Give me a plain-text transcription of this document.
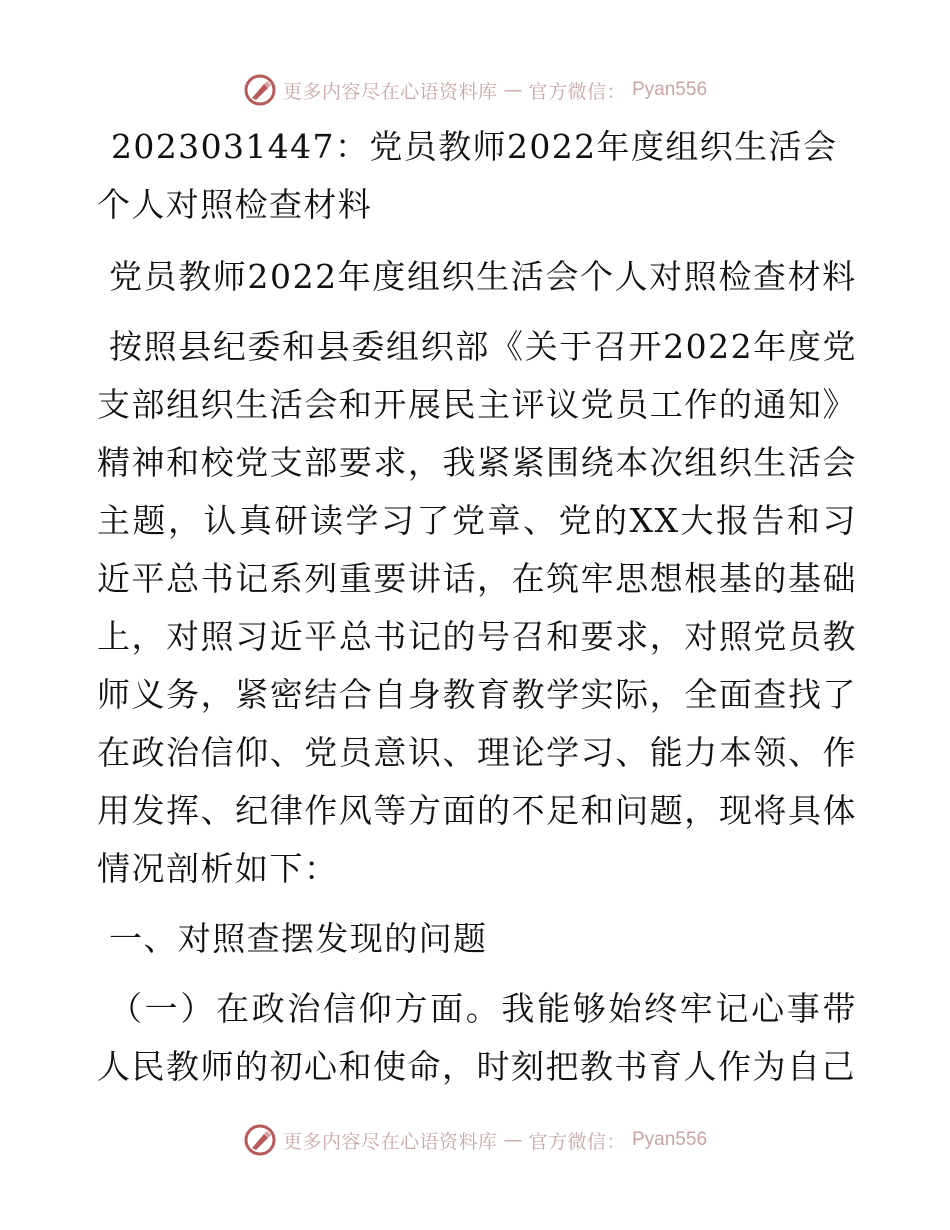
更多内容尽在心语资料库 — 官方微信： Pyan556
2023031447：党员教师2022年度组织生活会个人对照检查材料
党员教师2022年度组织生活会个人对照检查材料

按照县纪委和县委组织部《关于召开2022年度党支部组织生活会和开展民主评议党员工作的通知》精神和校党支部要求，我紧紧围绕本次组织生活会主题，认真研读学习了党章、党的XX大报告和习近平总书记系列重要讲话，在筑牢思想根基的基础上，对照习近平总书记的号召和要求，对照党员教师义务，紧密结合自身教育教学实际，全面查找了在政治信仰、党员意识、理论学习、能力本领、作用发挥、纪律作风等方面的不足和问题，现将具体情况剖析如下：

一、对照查摆发现的问题

（一）在政治信仰方面。我能够始终牢记心事带人民教师的初心和使命，时刻把教书育人作为自己

更多内容尽在心语资料库 — 官方微信： Pyan556
